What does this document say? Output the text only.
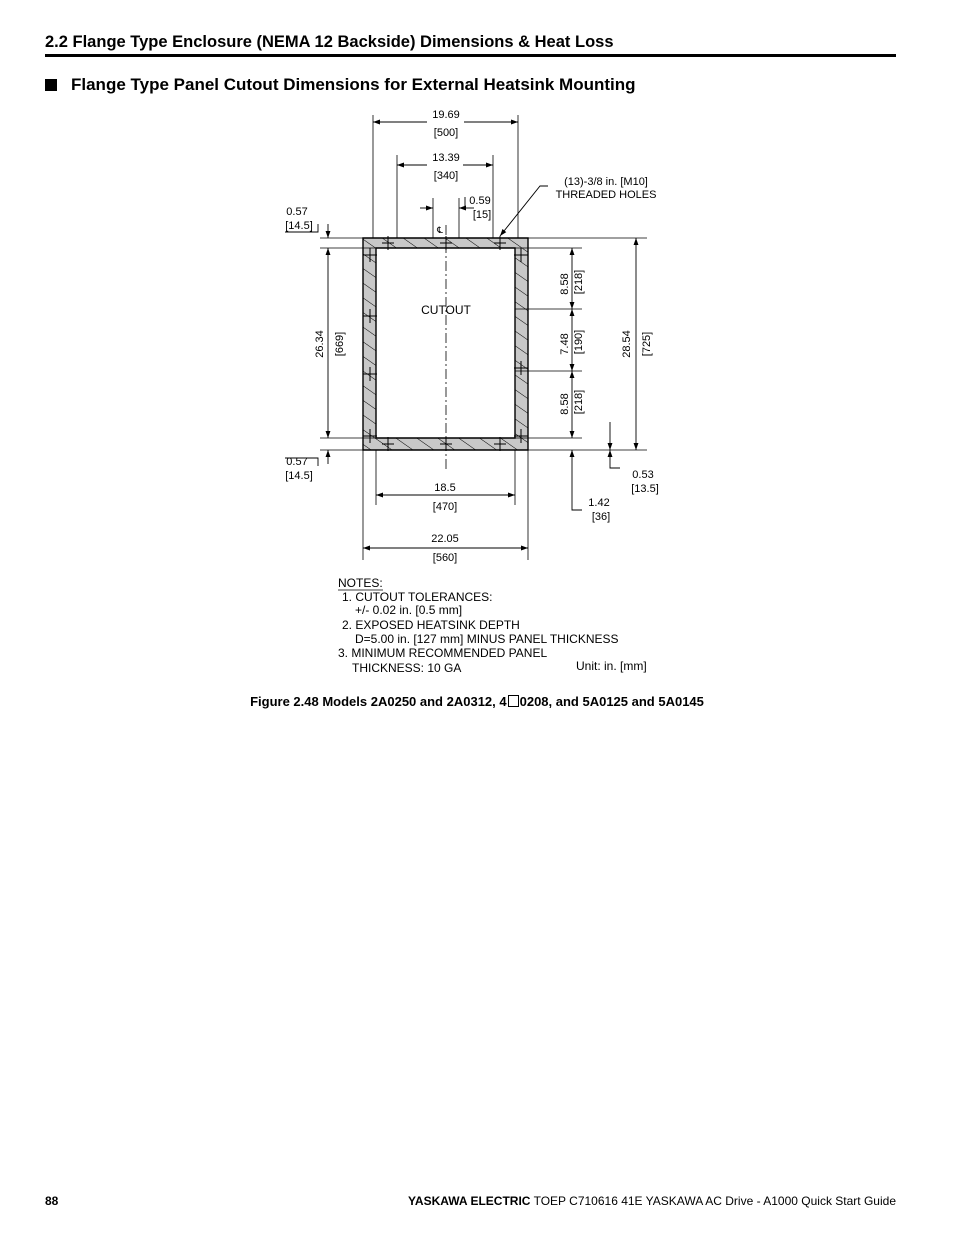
2.2 Flange Type Enclosure (NEMA 12 Backside) Dimensions & Heat Loss
Flange Type Panel Cutout Dimensions for External Heatsink Mounting
19.69
[500]
13.39
[340]
0.59
[15]
℄
0.57
[14.5]
(13)-3/8 in. [M10]
THREADED HOLES
CUTOUT
26.34 [669]
8.58 [218]
7.48 [190]
8.58 [218]
28.54 [725]
0.57
[14.5]	0.53
[13.5]
18.5
[470]	1.42
[36]
22.05
[560]
NOTES:
1. CUTOUT TOLERANCES:
+/- 0.02 in. [0.5 mm]
2. EXPOSED HEATSINK DEPTH
D=5.00 in. [127 mm] MINUS PANEL THICKNESS
3. MINIMUM RECOMMENDED PANEL
THICKNESS: 10 GA	Unit: in. [mm]
Figure 2.48 Models 2A0250 and 2A0312, 4 0208, and 5A0125 and 5A0145
88	YASKAWA ELECTRIC TOEP C710616 41E YASKAWA AC Drive - A1000 Quick Start Guide
